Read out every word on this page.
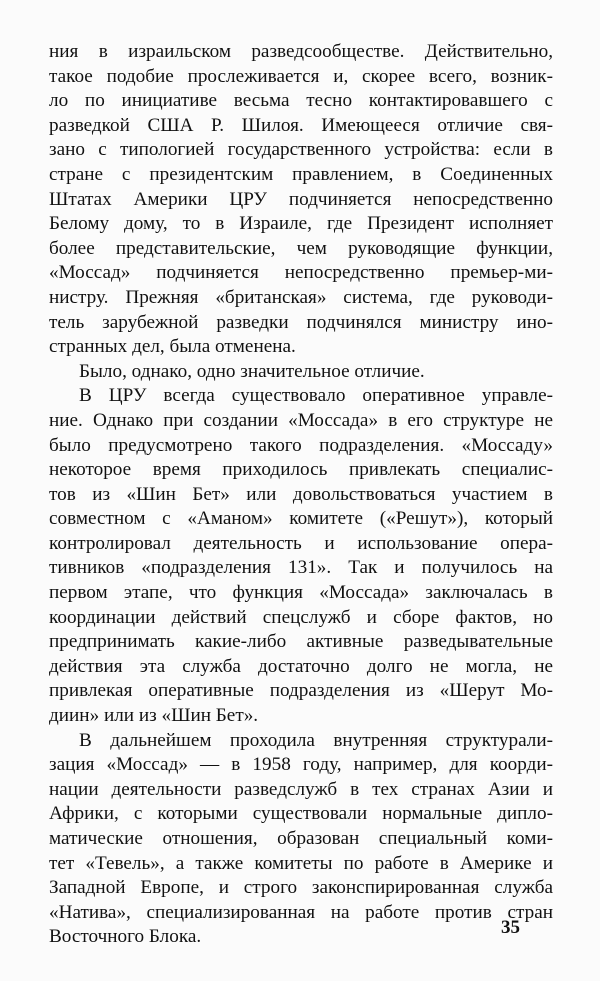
ния в израильском разведсообществе. Действительно,
такое подобие прослеживается и, скорее всего, возник-
ло по инициативе весьма тесно контактировавшего с
разведкой США Р. Шилоя. Имеющееся отличие свя-
зано с типологией государственного устройства: если в
стране с президентским правлением, в Соединенных
Штатах Америки ЦРУ подчиняется непосредственно
Белому дому, то в Израиле, где Президент исполняет
более представительские, чем руководящие функции,
«Моссад» подчиняется непосредственно премьер-ми-
нистру. Прежняя «британская» система, где руководи-
тель зарубежной разведки подчинялся министру ино-
странных дел, была отменена.
Было, однако, одно значительное отличие.
В ЦРУ всегда существовало оперативное управле-
ние. Однако при создании «Моссада» в его структуре не
было предусмотрено такого подразделения. «Моссаду»
некоторое время приходилось привлекать специалис-
тов из «Шин Бет» или довольствоваться участием в
совместном с «Аманом» комитете («Решут»), который
контролировал деятельность и использование опера-
тивников «подразделения 131». Так и получилось на
первом этапе, что функция «Моссада» заключалась в
координации действий спецслужб и сборе фактов, но
предпринимать какие-либо активные разведывательные
действия эта служба достаточно долго не могла, не
привлекая оперативные подразделения из «Шерут Мо-
диин» или из «Шин Бет».
В дальнейшем проходила внутренняя структурали-
зация «Моссад» — в 1958 году, например, для коорди-
нации деятельности разведслужб в тех странах Азии и
Африки, с которыми существовали нормальные дипло-
матические отношения, образован специальный коми-
тет «Тевель», а также комитеты по работе в Америке и
Западной Европе, и строго законспирированная служба
«Натива», специализированная на работе против стран
Восточного Блока.	35
